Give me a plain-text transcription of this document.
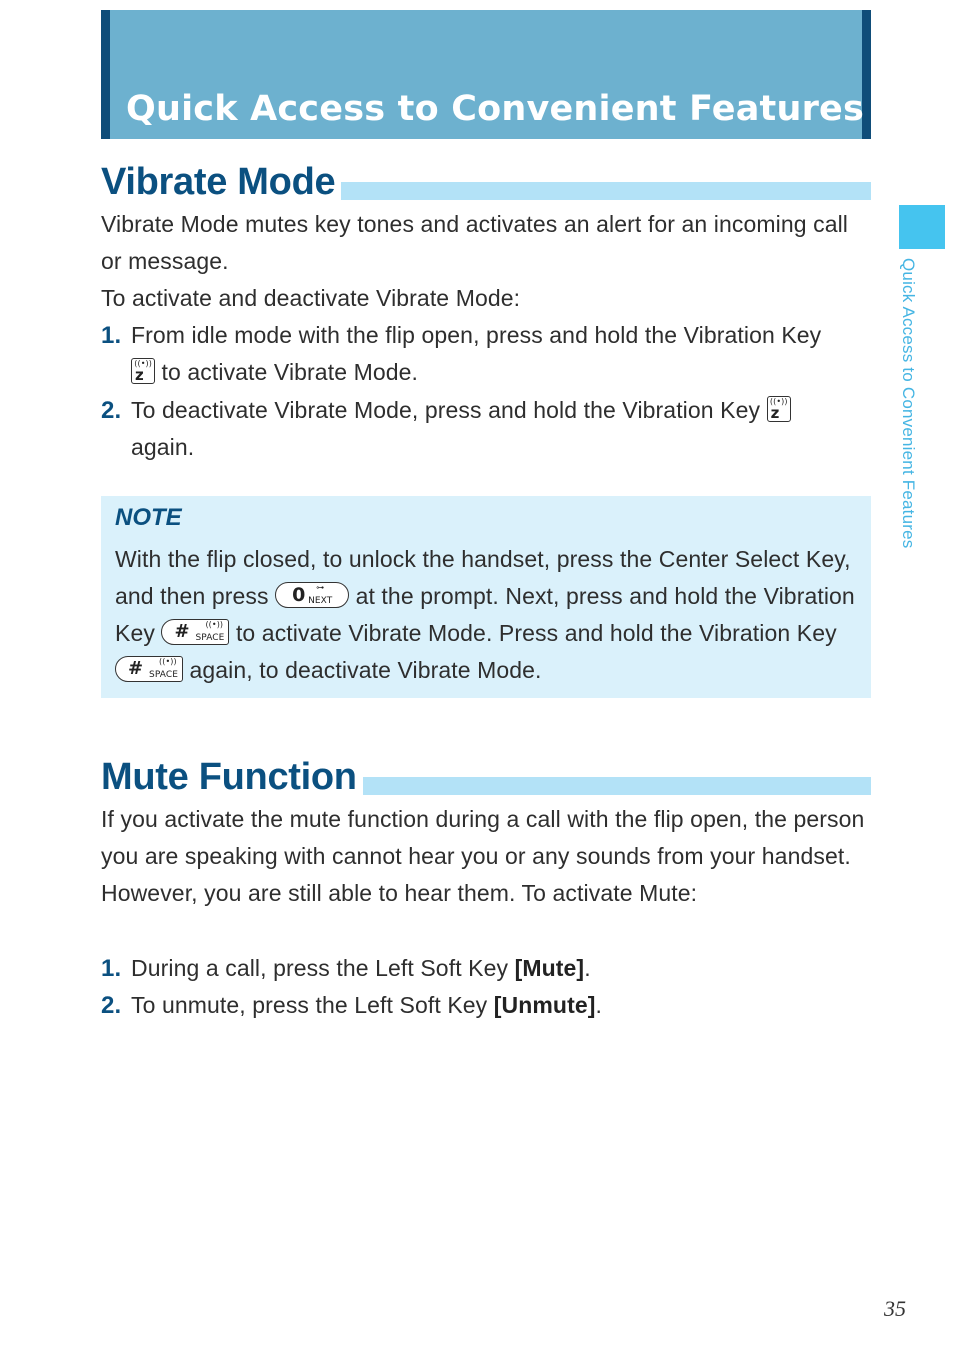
Quick Access to Convenient Features
Quick Access to Convenient Features
Vibrate Mode

Vibrate Mode mutes key tones and activates an alert for an incoming call or message.

To activate and deactivate Vibrate Mode:

1. From idle mode with the flip open, press and hold the Vibration Key

((•))
z to activate Vibrate Mode.
2. To deactivate Vibrate Mode, press and hold the Vibration Key ((•))
z

again.
NOTE
With the flip closed, to unlock the handset, press the Center Select Key, and then press 0 ⊶
NEXT at the prompt. Next, press and hold the Vibration Key # ((•))
SPACE to activate Vibrate Mode. Press and hold the Vibration Key
# ((•))
SPACE again, to deactivate Vibrate Mode.
Mute Function

If you activate the mute function during a call with the flip open, the person you are speaking with cannot hear you or any sounds from your handset. However, you are still able to hear them. To activate Mute:

1. During a call, press the Left Soft Key [Mute].
2. To unmute, press the Left Soft Key [Unmute].
35
